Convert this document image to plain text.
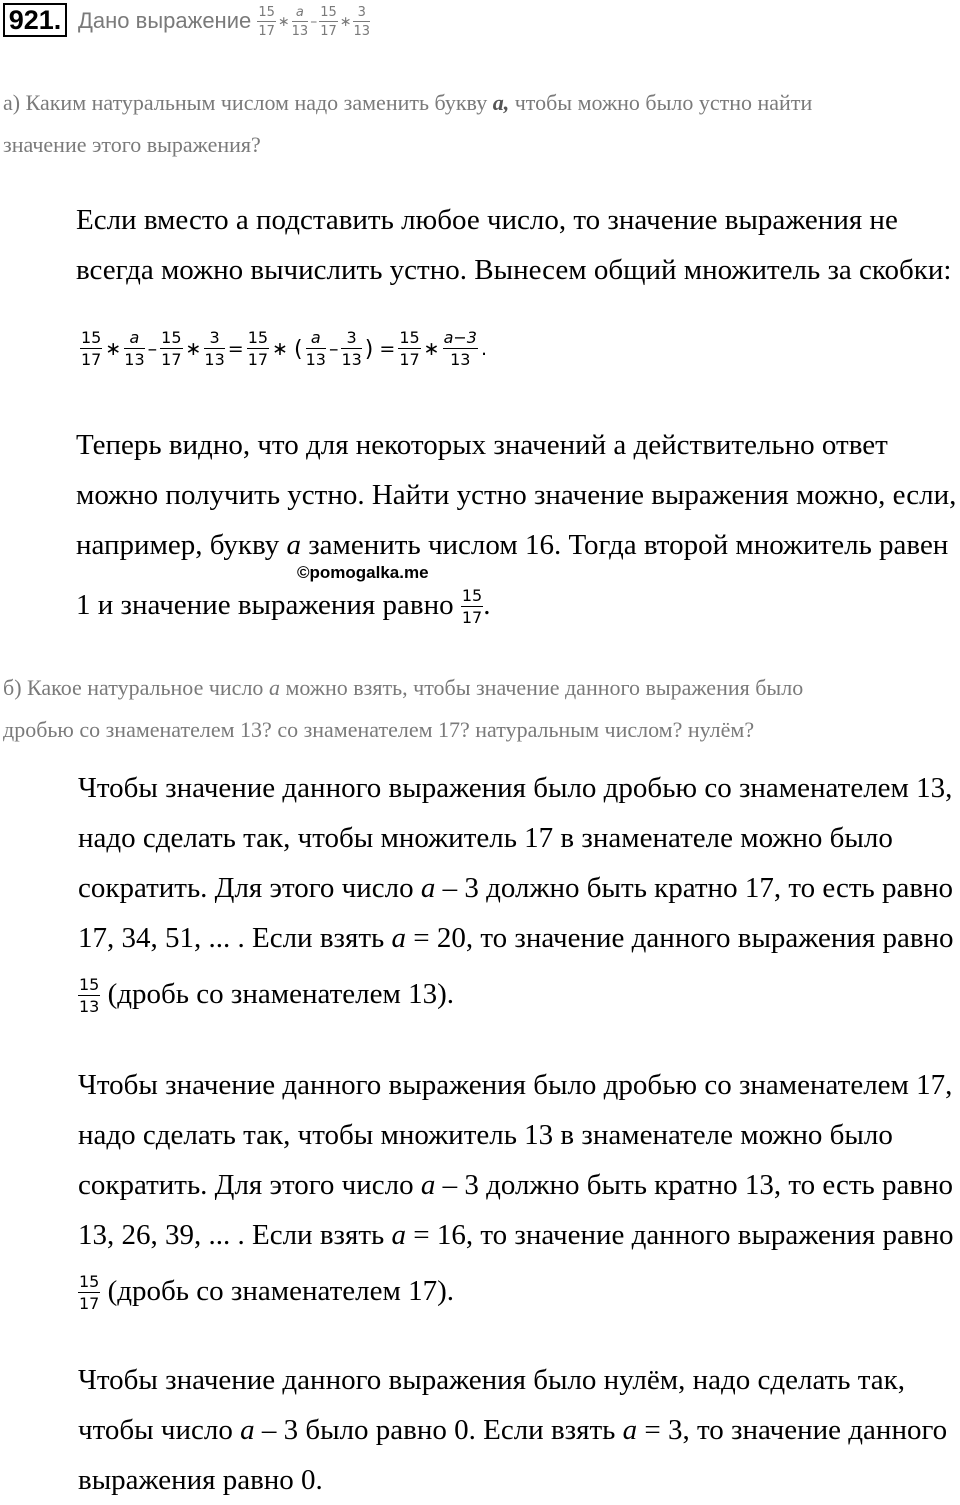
921. Дано выражение $\frac{15}{17}$ ∗ $\frac{a}{13} - \frac{15}{17}$ ∗ $\frac{3}{13}$
а) Каким натуральным числом надо заменить букву a, чтобы можно было устно найти
значение этого выражения?
Если вместо а подставить любое число, то значение выражения не
всегда можно вычислить устно. Вынесем общий множитель за скобки:
$\frac{15}{17}$ ∗ $\frac{a}{13} - \frac{15}{17}$ ∗ $\frac{3}{13} = \frac{15}{17}$ ∗ ( $\frac{a}{13} - \frac{3}{13}$ ) = $\frac{15}{17}$ ∗ $\frac{a-3}{13}$ .
Теперь видно, что для некоторых значений а действительно ответ
можно получить устно. Найти устно значение выражения можно, если,
например, букву а заменить числом 16. Тогда второй множитель равен
©pomogalka.me
1 и значение выражения равно $\frac{15}{17}$ .
б) Какое натуральное число а можно взять, чтобы значение данного выражения было
дробью со знаменателем 13? со знаменателем 17? натуральным числом? нулём?
Чтобы значение данного выражения было дробью со знаменателем 13,
надо сделать так, чтобы множитель 17 в знаменателе можно было
сократить. Для этого число а – 3 должно быть кратно 17, то есть равно
17, 34, 51, ... . Если взять а = 20, то значение данного выражения равно
$\frac{15}{13}$ (дробь со знаменателем 13).
Чтобы значение данного выражения было дробью со знаменателем 17,
надо сделать так, чтобы множитель 13 в знаменателе можно было
сократить. Для этого число а – 3 должно быть кратно 13, то есть равно
13, 26, 39, ... . Если взять а = 16, то значение данного выражения равно
$\frac{15}{17}$ (дробь со знаменателем 17).
Чтобы значение данного выражения было нулём, надо сделать так,
чтобы число а – 3 было равно 0. Если взять а = 3, то значение данного
выражения равно 0.
